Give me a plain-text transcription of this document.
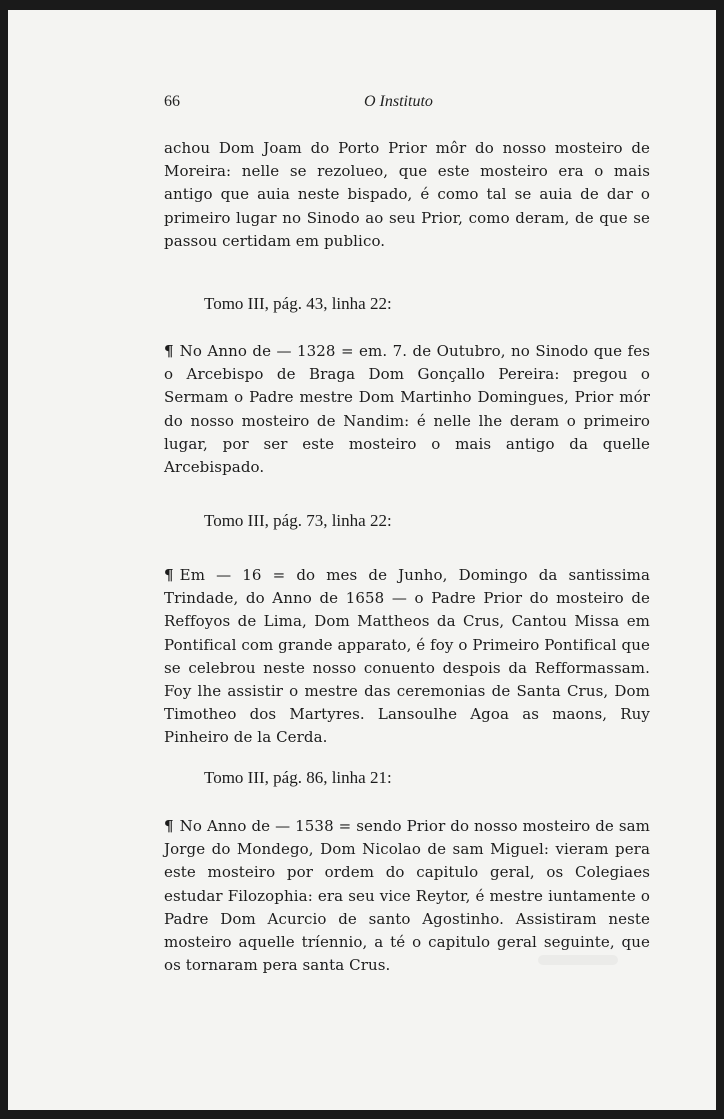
66	O Instituto

achou Dom Joam do Porto Prior môr do nosso mosteiro de Moreira: nelle se rezolueo, que este mosteiro era o mais antigo que auia neste bispado, é como tal se auia de dar o primeiro lugar no Sinodo ao seu Prior, como deram, de que se passou certidam em publico.

Tomo III, pág. 43, linha 22:

¶ No Anno de — 1328 = em. 7. de Outubro, no Sinodo que fes o Arcebispo de Braga Dom Gonçallo Pereira: pregou o Sermam o Padre mestre Dom Martinho Domingues, Prior mór do nosso mosteiro de Nandim: é nelle lhe deram o primeiro lugar, por ser este mosteiro o mais antigo da quelle Arcebispado.

Tomo III, pág. 73, linha 22:

¶ Em — 16 = do mes de Junho, Domingo da santissima Trindade, do Anno de 1658 — o Padre Prior do mosteiro de Reffoyos de Lima, Dom Mattheos da Crus, Cantou Missa em Pontifical com grande apparato, é foy o Primeiro Pontifical que se celebrou neste nosso conuento despois da Refformassam. Foy lhe assistir o mestre das ceremonias de Santa Crus, Dom Timotheo dos Martyres. Lansoulhe Agoa as maons, Ruy Pinheiro de la Cerda.

Tomo III, pág. 86, linha 21:

¶ No Anno de — 1538 = sendo Prior do nosso mosteiro de sam Jorge do Mondego, Dom Nicolao de sam Miguel: vieram pera este mosteiro por ordem do capitulo geral, os Colegiaes estudar Filozophia: era seu vice Reytor, é mestre iuntamente o Padre Dom Acurcio de santo Agostinho. Assistiram neste mosteiro aquelle tríennio, a té o capitulo geral seguinte, que os tornaram pera santa Crus.
